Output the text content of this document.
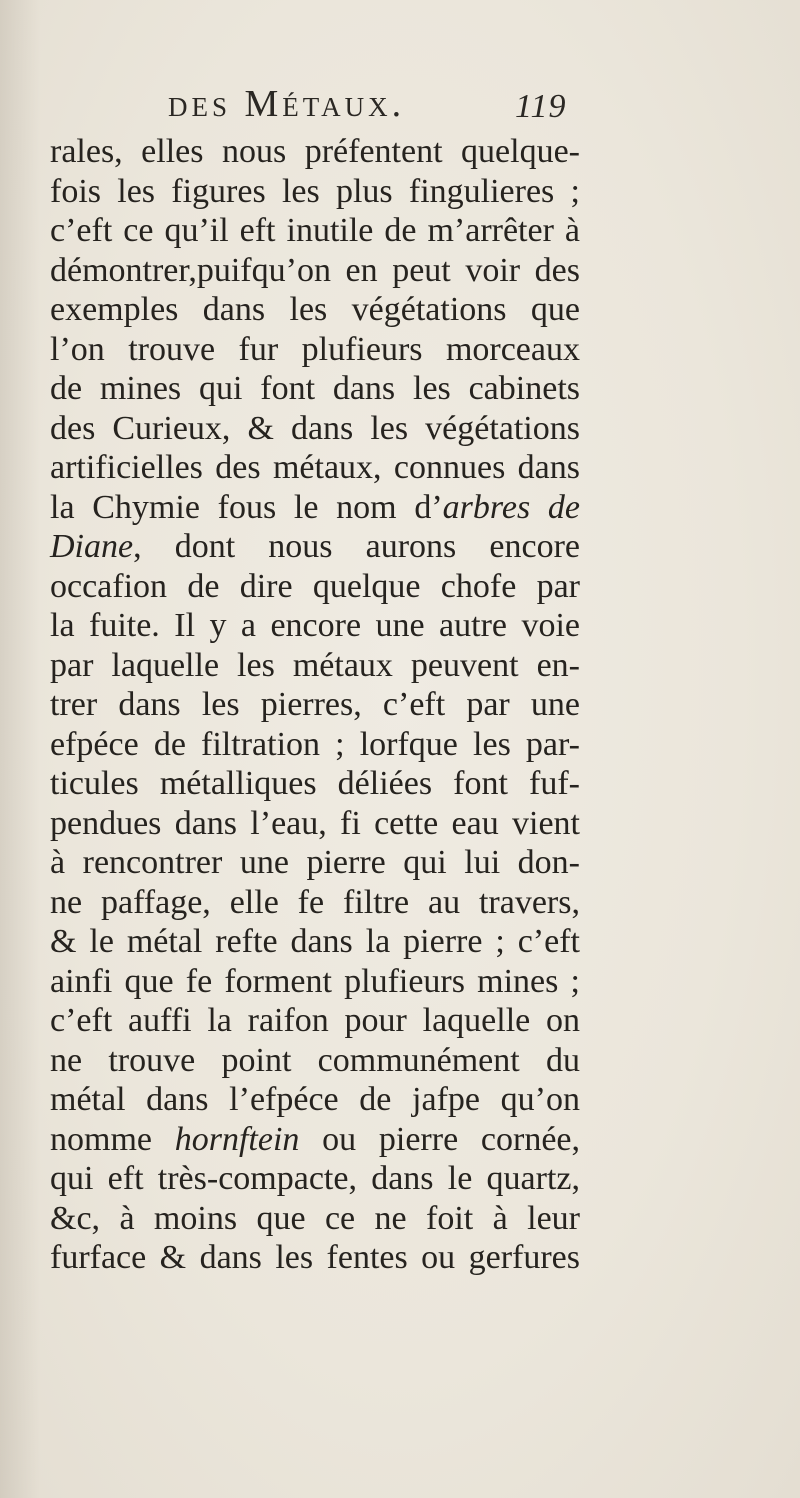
des Métaux.	119
rales, elles nous préfentent quelque-
fois les figures les plus fingulieres ;
c’eft ce qu’il eft inutile de m’arrêter à
démontrer,puifqu’on en peut voir des
exemples dans les végétations que
l’on trouve fur plufieurs morceaux
de mines qui font dans les cabinets
des Curieux, & dans les végétations
artificielles des métaux, connues dans
la Chymie fous le nom d’arbres de
Diane, dont nous aurons encore
occafion de dire quelque chofe par
la fuite. Il y a encore une autre voie
par laquelle les métaux peuvent en-
trer dans les pierres, c’eft par une
efpéce de filtration ; lorfque les par-
ticules métalliques déliées font fuf-
pendues dans l’eau, fi cette eau vient
à rencontrer une pierre qui lui don-
ne paffage, elle fe filtre au travers,
& le métal refte dans la pierre ; c’eft
ainfi que fe forment plufieurs mines ;
c’eft auffi la raifon pour laquelle on
ne trouve point communément du
métal dans l’efpéce de jafpe qu’on
nomme hornftein ou pierre cornée,
qui eft très-compacte, dans le quartz,
&c, à moins que ce ne foit à leur
furface & dans les fentes ou gerfures
